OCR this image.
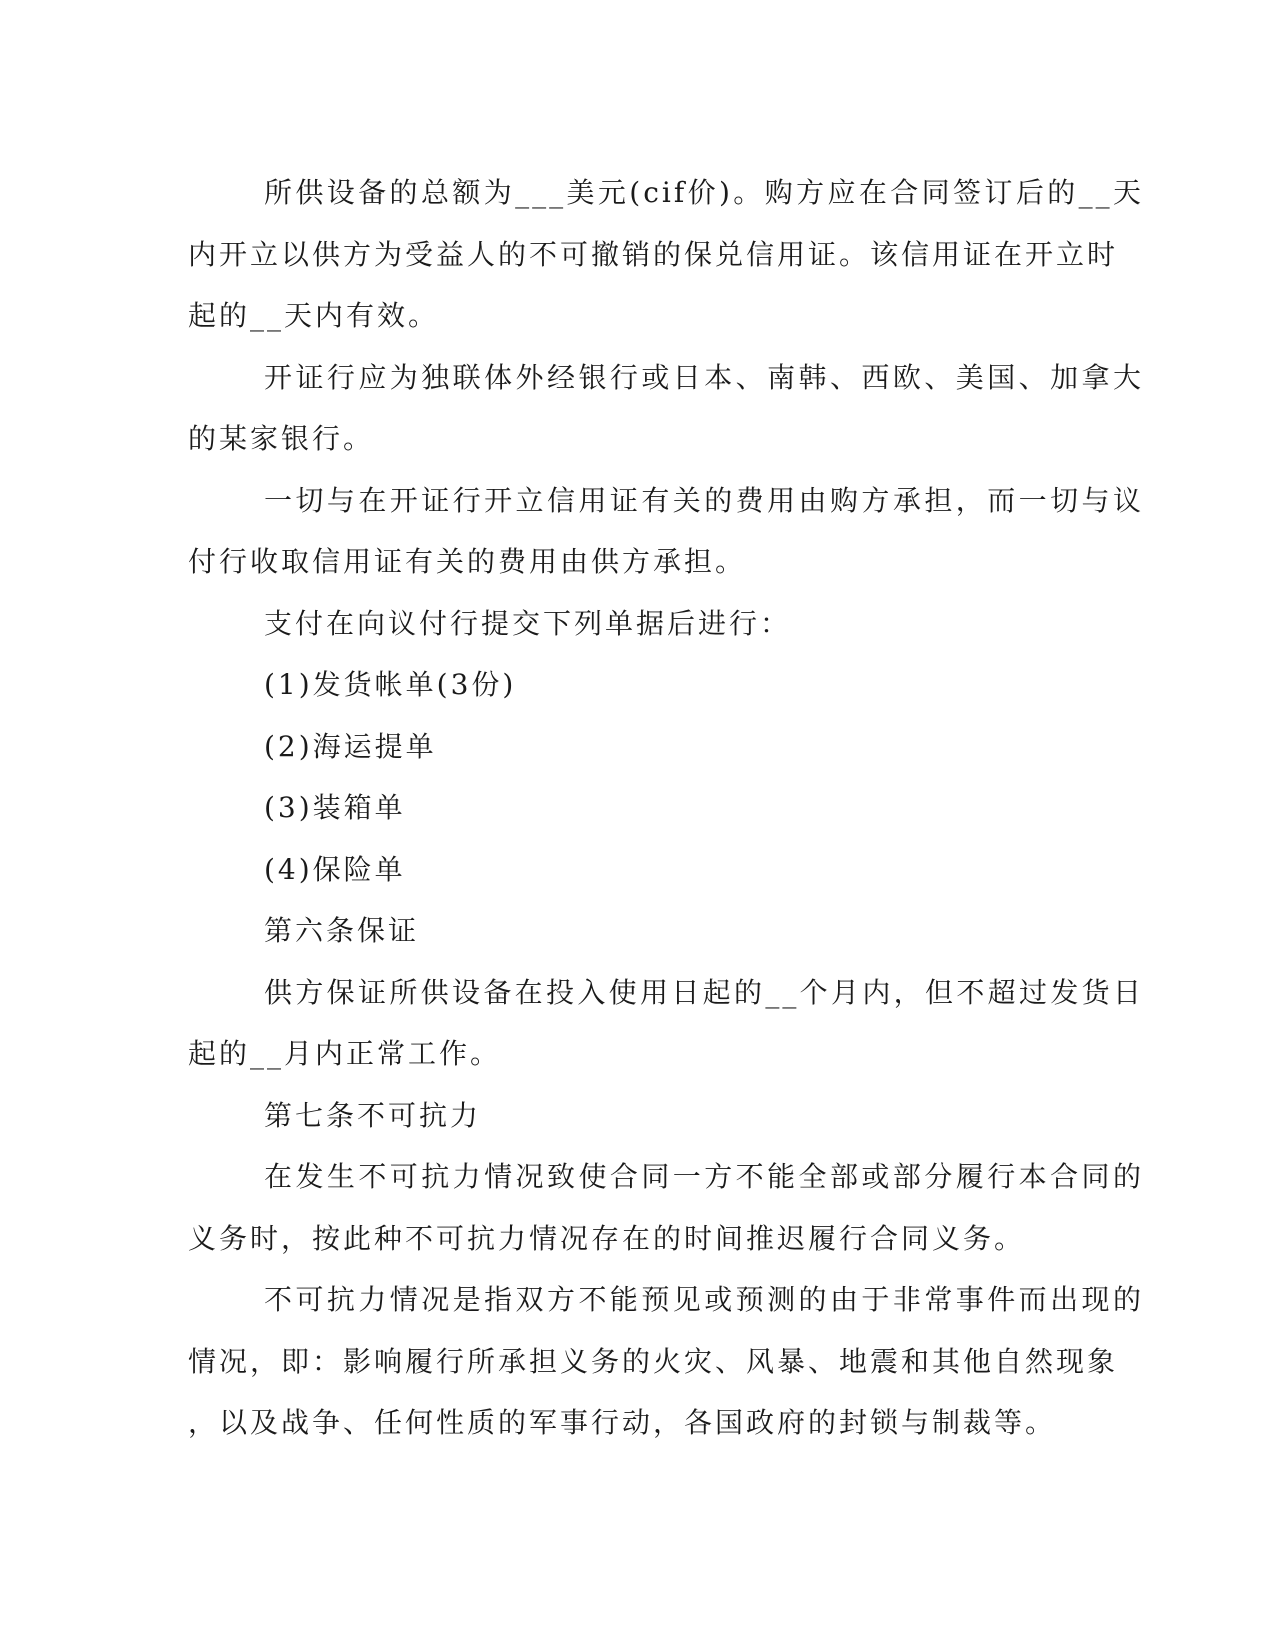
所供设备的总额为___美元(cif价)。购方应在合同签订后的__天
内开立以供方为受益人的不可撤销的保兑信用证。该信用证在开立时
起的__天内有效。
开证行应为独联体外经银行或日本、南韩、西欧、美国、加拿大
的某家银行。
一切与在开证行开立信用证有关的费用由购方承担，而一切与议
付行收取信用证有关的费用由供方承担。
支付在向议付行提交下列单据后进行：
(1)发货帐单(3份)
(2)海运提单
(3)装箱单
(4)保险单
第六条保证
供方保证所供设备在投入使用日起的__个月内，但不超过发货日
起的__月内正常工作。
第七条不可抗力
在发生不可抗力情况致使合同一方不能全部或部分履行本合同的
义务时，按此种不可抗力情况存在的时间推迟履行合同义务。
不可抗力情况是指双方不能预见或预测的由于非常事件而出现的
情况，即：影响履行所承担义务的火灾、风暴、地震和其他自然现象
，以及战争、任何性质的军事行动，各国政府的封锁与制裁等。
